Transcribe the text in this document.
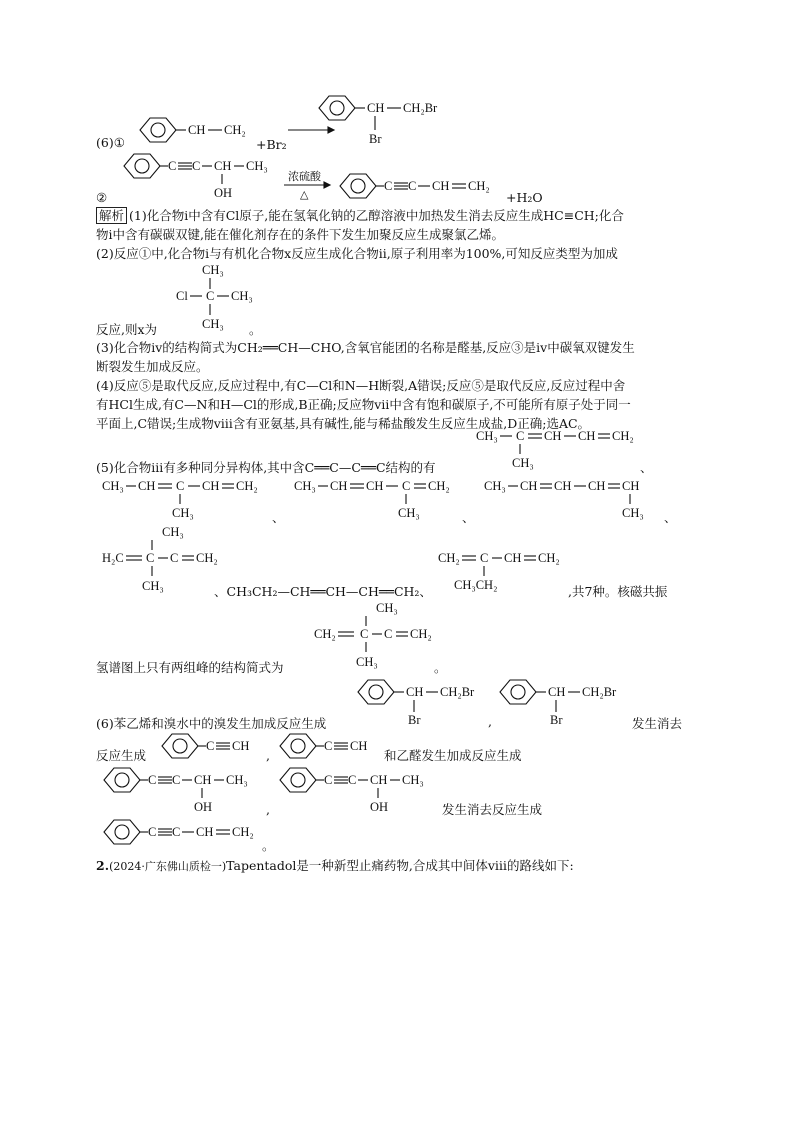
(6)①
CH CH₂
+Br₂
CH CH₂Br
Br
C C CH CH₃
OH
②
浓硫酸
△
C C CH CH₂
+H₂O
解析 (1)化合物ⅰ中含有Cl原子,能在氢氧化钠的乙醇溶液中加热发生消去反应生成HC≡CH;化合
物ⅰ中含有碳碳双键,能在催化剂存在的条件下发生加聚反应生成聚氯乙烯。
(2)反应①中,化合物ⅰ与有机化合物x反应生成化合物ⅱ,原子利用率为100%,可知反应类型为加成
CH₃
Cl C CH₃
CH₃
反应,则x为	。
(3)化合物ⅳ的结构简式为CH₂══CH—CHO,含氧官能团的名称是醛基,反应③是ⅳ中碳氧双键发生
断裂发生加成反应。
(4)反应⑤是取代反应,反应过程中,有C—Cl和N—H断裂,A错误;反应⑤是取代反应,反应过程中舍
有HCl生成,有C—N和H—Cl的形成,B正确;反应物ⅶ中含有饱和碳原子,不可能所有原子处于同一
平面上,C错误;生成物ⅷ含有亚氨基,具有碱性,能与稀盐酸发生反应生成盐,D正确;选AC。
CH₃ C CH CH CH₂
CH₃
(5)化合物ⅲ有多种同分异构体,其中含C══C—C══C结构的有	、
CH₃ CH C CH CH₂
CH₃	、
CH₃ CH CH C CH₂
CH₃	、
CH₃ CH CH CH CH
CH₃ 、
CH₃
H₂C C C CH₂
CH₃	、CH₃CH₂—CH══CH—CH══CH₂、
CH₂ C CH CH₂
CH₃CH₂	,共7种。核磁共振
CH₃
CH₂ C C CH₂
CH₃
氢谱图上只有两组峰的结构简式为	。
CH CH₂Br
Br
CH CH₂Br
Br
(6)苯乙烯和溴水中的溴发生加成反应生成	,	发生消去
反应生成
C CH
,
C CH
和乙醛发生加成反应生成
C C CH CH₃
OH	,
C C CH CH₃
OH	发生消去反应生成
C C CH CH₂
。
2.(2024·广东佛山质检一)Tapentadol是一种新型止痛药物,合成其中间体ⅷ的路线如下:
